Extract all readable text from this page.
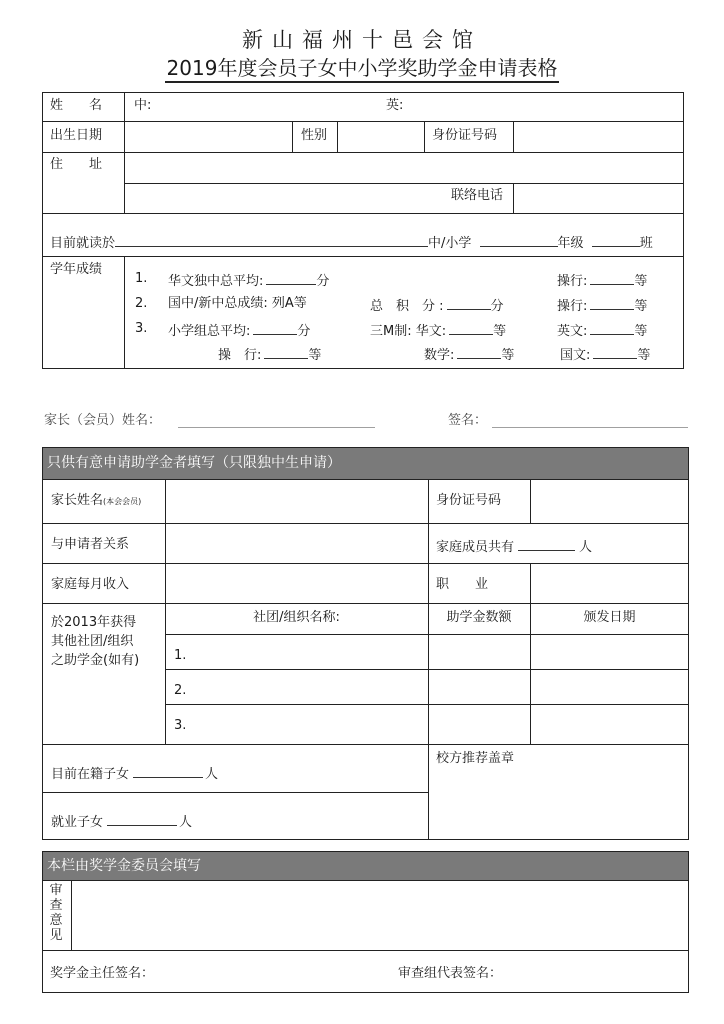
新山福州十邑会馆
2019年度会员子女中小学奖助学金申请表格
姓　　名	中:	英:
出生日期	性别	身份证号码
住　　址
联络电话
目前就读於	中/小学	年级	班
学年成绩
1. 华文独中总平均:	分	操行:	等
2. 国中/新中总成绩: 列A等	总　积　分 :	分	操行:	等
3. 小学组总平均:	分	三M制: 华文:	等	英文:	等
操　行:	等	数学:	等	国文:	等
家长（会员）姓名：	签名：
只供有意申请助学金者填写（只限独中生申请）
家长姓名(本会会员)	身份证号码
与申请者关系	家庭成员共有	人
家庭每月收入	职　　业
於2013年获得
其他社团/组织
之助学金(如有)
社团/组织名称:	助学金数额	颁发日期
1.
2.
3.
目前在籍子女	人
就业子女	人
校方推荐盖章
本栏由奖学金委员会填写
审
查
意
见
奖学金主任签名：	审查组代表签名：
